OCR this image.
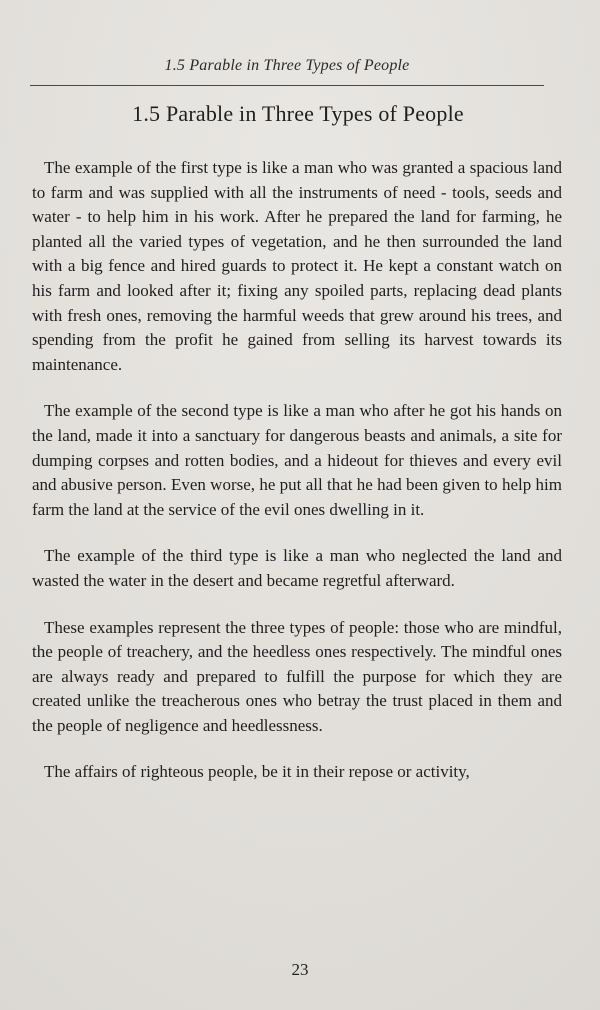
1.5 Parable in Three Types of People
1.5 Parable in Three Types of People

The example of the first type is like a man who was granted a spacious land to farm and was supplied with all the instruments of need - tools, seeds and water - to help him in his work. After he prepared the land for farming, he planted all the varied types of vegetation, and he then surrounded the land with a big fence and hired guards to protect it. He kept a constant watch on his farm and looked after it; fixing any spoiled parts, replacing dead plants with fresh ones, removing the harmful weeds that grew around his trees, and spending from the profit he gained from selling its harvest towards its maintenance.

The example of the second type is like a man who after he got his hands on the land, made it into a sanctuary for dangerous beasts and animals, a site for dumping corpses and rotten bodies, and a hideout for thieves and every evil and abusive person. Even worse, he put all that he had been given to help him farm the land at the service of the evil ones dwelling in it.

The example of the third type is like a man who neglected the land and wasted the water in the desert and became regretful afterward.

These examples represent the three types of people: those who are mindful, the people of treachery, and the heedless ones respectively. The mindful ones are always ready and prepared to fulfill the purpose for which they are created unlike the treacherous ones who betray the trust placed in them and the people of negligence and heedlessness.

The affairs of righteous people, be it in their repose or activity,

23
